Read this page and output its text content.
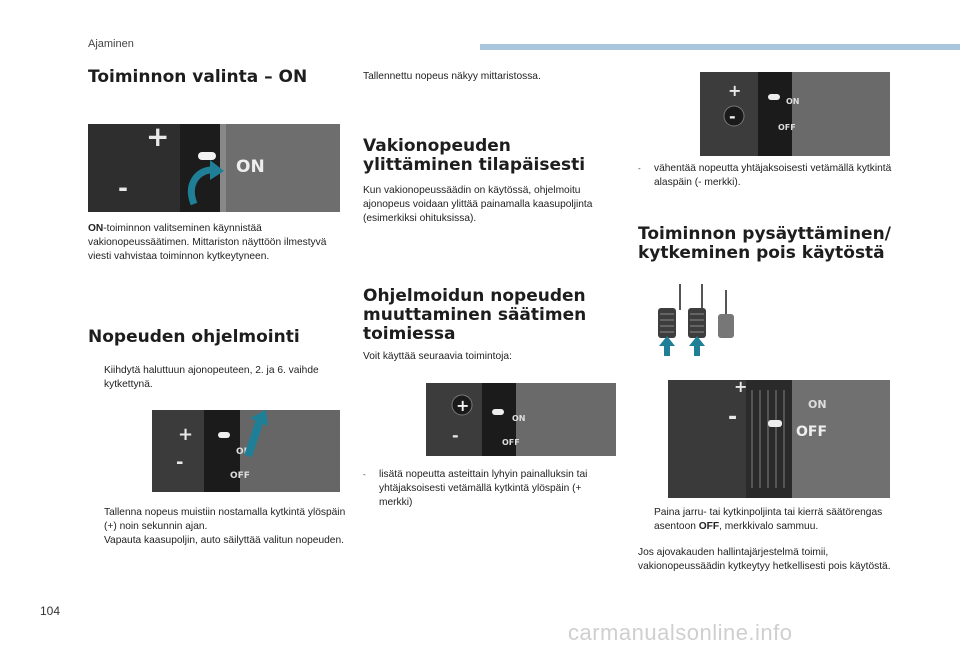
Ajaminen
Toiminnon valinta – ON
+
-
ON

ON-toiminnon valitseminen käynnistää vakionopeussäätimen. Mittariston näyttöön ilmestyvä viesti vahvistaa toiminnon kytkeytyneen.

Nopeuden ohjelmointi
Kiihdytä haluttuun ajonopeuteen, 2. ja 6. vaihde kytkettynä.
+
-	ON
OFF
Tallenna nopeus muistiin nostamalla kytkintä ylöspäin (+) noin sekunnin ajan.
Vapauta kaasupoljin, auto säilyttää valitun nopeuden.

Tallennettu nopeus näkyy mittaristossa.

Vakionopeuden ylittäminen tilapäisesti

Kun vakionopeussäädin on käytössä, ohjelmoitu ajonopeus voidaan ylittää painamalla kaasupoljinta (esimerkiksi ohituksissa).

Ohjelmoidun nopeuden muuttaminen säätimen toimiessa

Voit käyttää seuraavia toimintoja:

+
-
ON
OFF
-	lisätä nopeutta asteittain lyhyin painalluksin tai yhtäjaksoisesti vetämällä kytkintä ylöspäin (+ merkki)
+
-
ON
OFF
-	vähentää nopeutta yhtäjaksoisesti vetämällä kytkintä alaspäin (- merkki).
Toiminnon pysäyttäminen/ kytkeminen pois käytöstä
+
-
ON
OFF
Paina jarru- tai kytkinpoljinta tai kierrä säätörengas asentoon OFF, merkkivalo sammuu.

Jos ajovakauden hallintajärjestelmä toimii, vakionopeussäädin kytkeytyy hetkellisesti pois käytöstä.

104
carmanualsonline.info
